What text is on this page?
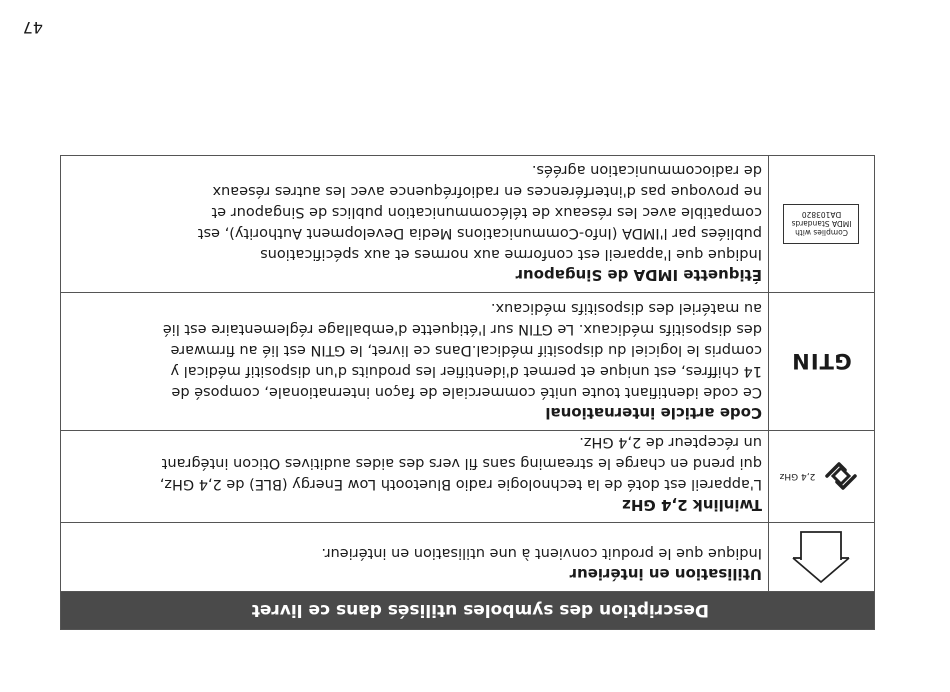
47
Description des symboles utilisés dans ce livret
Utilisation en intérieur
Indique que le produit convient à une utilisation en intérieur.
2,4 GHz
Twinlink 2,4 GHz
L'appareil est doté de la technologie radio Bluetooth Low Energy (BLE) de 2,4 GHz,
qui prend en charge le streaming sans fil vers des aides auditives Oticon intégrant
un récepteur de 2,4 GHz.
GTIN
Code article international
Ce code identifiant toute unité commerciale de façon internationale, composé de
14 chiffres, est unique et permet d'identifier les produits d'un dispositif médical y
compris le logiciel du dispositif médical.Dans ce livret, le GTIN est lié au firmware
des dispositifs médicaux. Le GTIN sur l'étiquette d'emballage réglementaire est lié
au matériel des dispositifs médicaux.
Complies with
IMDA Standards
DA103820
Étiquette IMDA de Singapour
Indique que l'appareil est conforme aux normes et aux spécifications
publiées par l'IMDA (Info-Communications Media Development Authority), est
compatible avec les réseaux de télécommunication publics de Singapour et
ne provoque pas d'interférences en radiofréquence avec les autres réseaux
de radiocommunication agréés.
